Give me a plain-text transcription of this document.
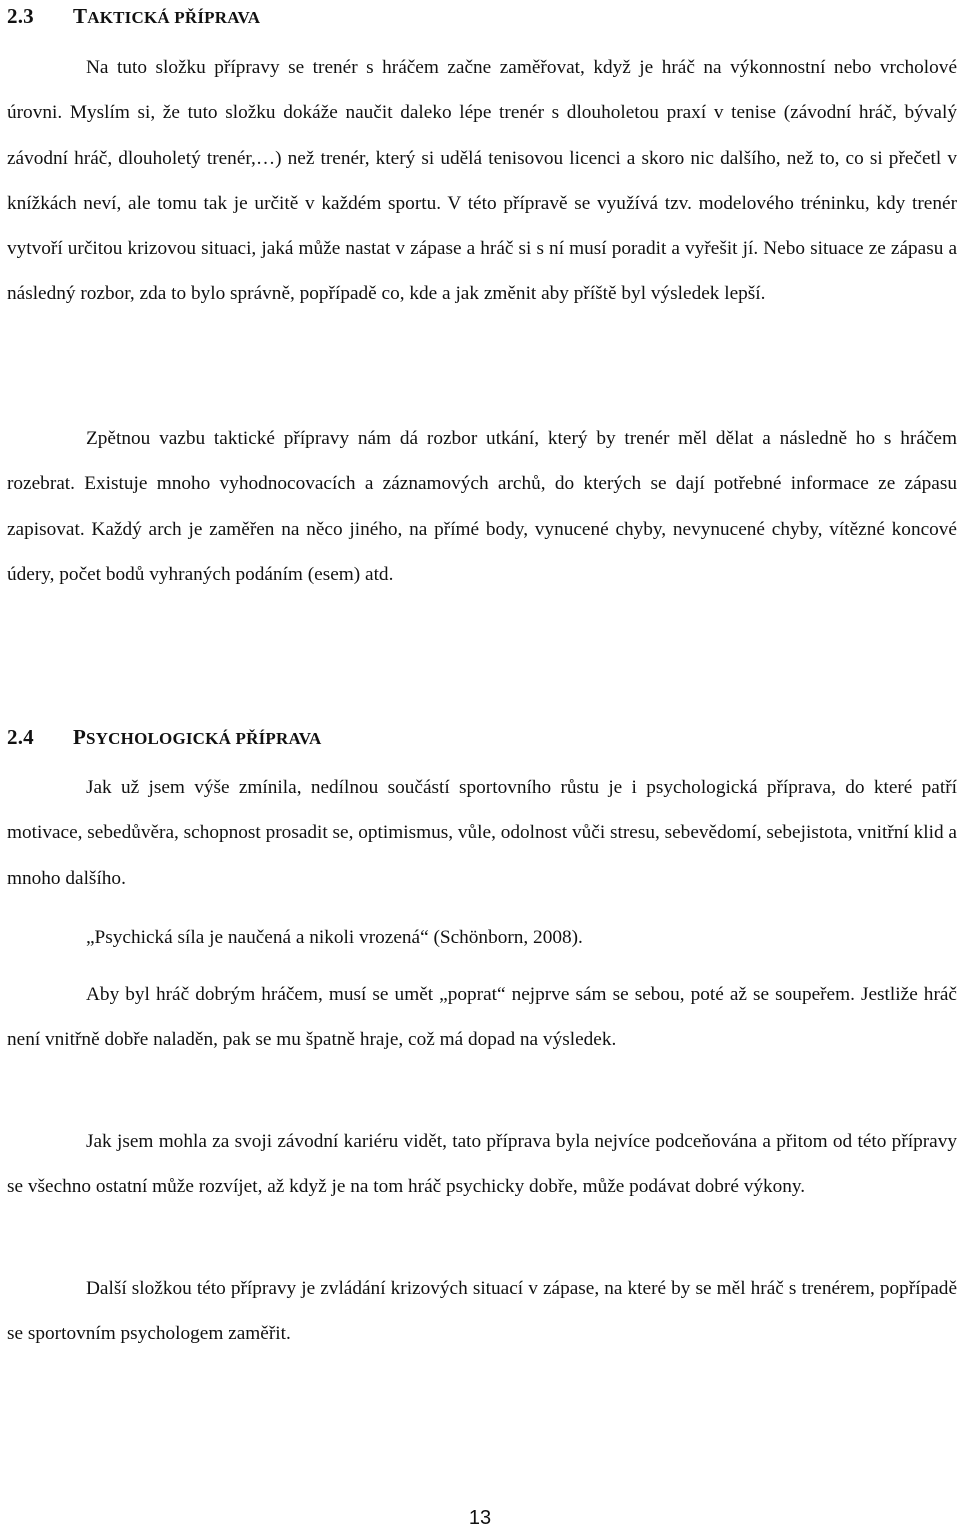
2.3 TAKTICKÁ PŘÍPRAVA

Na tuto složku přípravy se trenér s hráčem začne zaměřovat, když je hráč na výkonnostní nebo vrcholové úrovni. Myslím si, že tuto složku dokáže naučit daleko lépe trenér s dlouholetou praxí v tenise (závodní hráč, bývalý závodní hráč, dlouholetý trenér,…) než trenér, který si udělá tenisovou licenci a skoro nic dalšího, než to, co si přečetl v knížkách neví, ale tomu tak je určitě v každém sportu. V této přípravě se využívá tzv. modelového tréninku, kdy trenér vytvoří určitou krizovou situaci, jaká může nastat v zápase a hráč si s ní musí poradit a vyřešit jí. Nebo situace ze zápasu a následný rozbor, zda to bylo správně, popřípadě co, kde a jak změnit aby příště byl výsledek lepší.

Zpětnou vazbu taktické přípravy nám dá rozbor utkání, který by trenér měl dělat a následně ho s hráčem rozebrat. Existuje mnoho vyhodnocovacích a záznamových archů, do kterých se dají potřebné informace ze zápasu zapisovat. Každý arch je zaměřen na něco jiného, na přímé body, vynucené chyby, nevynucené chyby, vítězné koncové údery, počet bodů vyhraných podáním (esem) atd.

2.4 PSYCHOLOGICKÁ PŘÍPRAVA

Jak už jsem výše zmínila, nedílnou součástí sportovního růstu je i psychologická příprava, do které patří motivace, sebedůvěra, schopnost prosadit se, optimismus, vůle, odolnost vůči stresu, sebevědomí, sebejistota, vnitřní klid a mnoho dalšího.

„Psychická síla je naučená a nikoli vrozená“ (Schönborn, 2008).

Aby byl hráč dobrým hráčem, musí se umět „poprat“ nejprve sám se sebou, poté až se soupeřem. Jestliže hráč není vnitřně dobře naladěn, pak se mu špatně hraje, což má dopad na výsledek.

Jak jsem mohla za svoji závodní kariéru vidět, tato příprava byla nejvíce podceňována a přitom od této přípravy se všechno ostatní může rozvíjet, až když je na tom hráč psychicky dobře, může podávat dobré výkony.

Další složkou této přípravy je zvládání krizových situací v zápase, na které by se měl hráč s trenérem, popřípadě se sportovním psychologem zaměřit.

13
